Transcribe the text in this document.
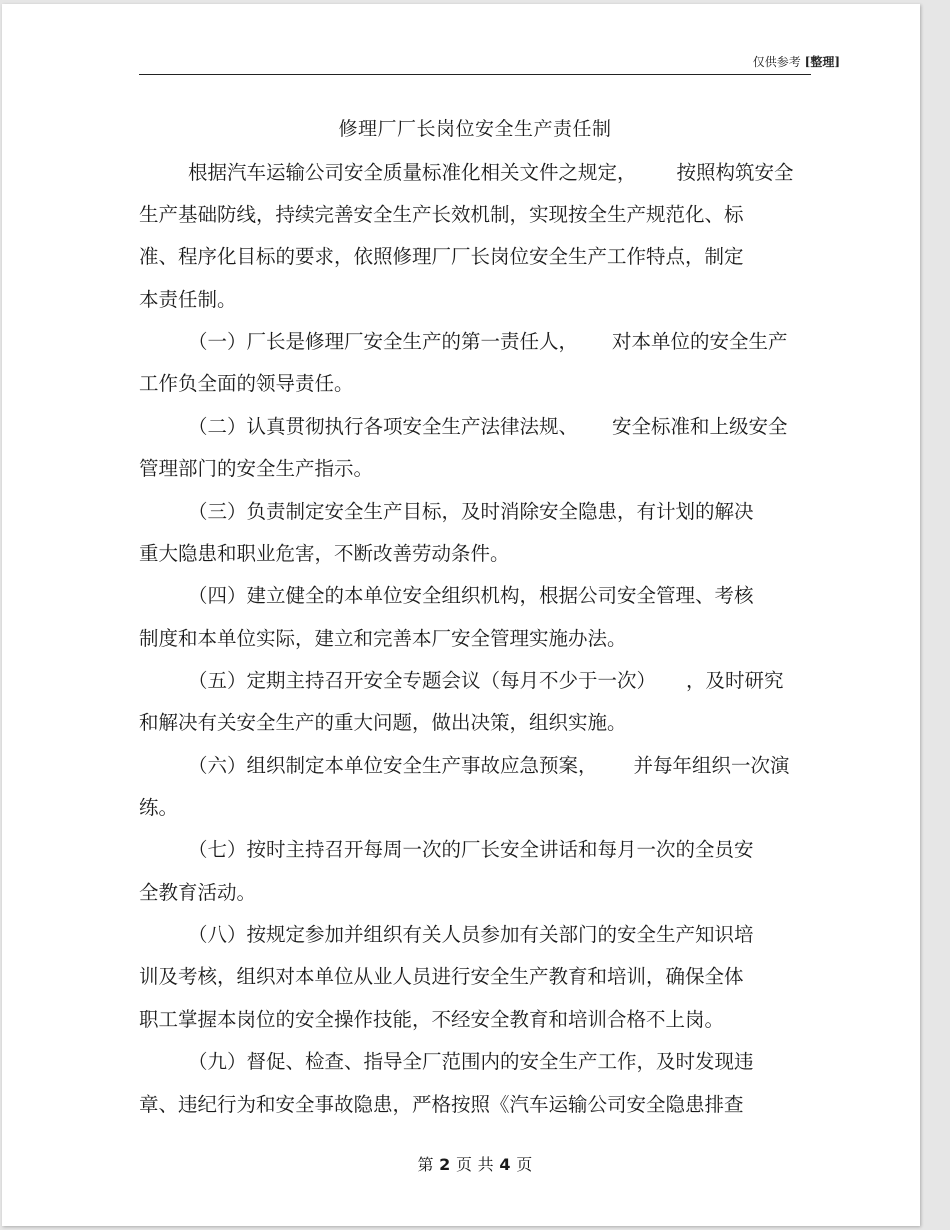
仅供参考 [整理]
修理厂厂长岗位安全生产责任制
根据汽车运输公司安全质量标准化相关文件之规定， 按照构筑安全
生产基础防线，持续完善安全生产长效机制，实现按全生产规范化、标
准、程序化目标的要求，依照修理厂厂长岗位安全生产工作特点，制定
本责任制。
（一）厂长是修理厂安全生产的第一责任人， 对本单位的安全生产
工作负全面的领导责任。
（二）认真贯彻执行各项安全生产法律法规、 安全标准和上级安全
管理部门的安全生产指示。
（三）负责制定安全生产目标，及时消除安全隐患，有计划的解决
重大隐患和职业危害，不断改善劳动条件。
（四）建立健全的本单位安全组织机构，根据公司安全管理、考核
制度和本单位实际，建立和完善本厂安全管理实施办法。
（五）定期主持召开安全专题会议（每月不少于一次） ，及时研究
和解决有关安全生产的重大问题，做出决策，组织实施。
（六）组织制定本单位安全生产事故应急预案， 并每年组织一次演
练。
（七）按时主持召开每周一次的厂长安全讲话和每月一次的全员安
全教育活动。
（八）按规定参加并组织有关人员参加有关部门的安全生产知识培
训及考核，组织对本单位从业人员进行安全生产教育和培训，确保全体
职工掌握本岗位的安全操作技能，不经安全教育和培训合格不上岗。
（九）督促、检查、指导全厂范围内的安全生产工作，及时发现违
章、违纪行为和安全事故隐患，严格按照《汽车运输公司安全隐患排查
第 2 页 共 4 页
